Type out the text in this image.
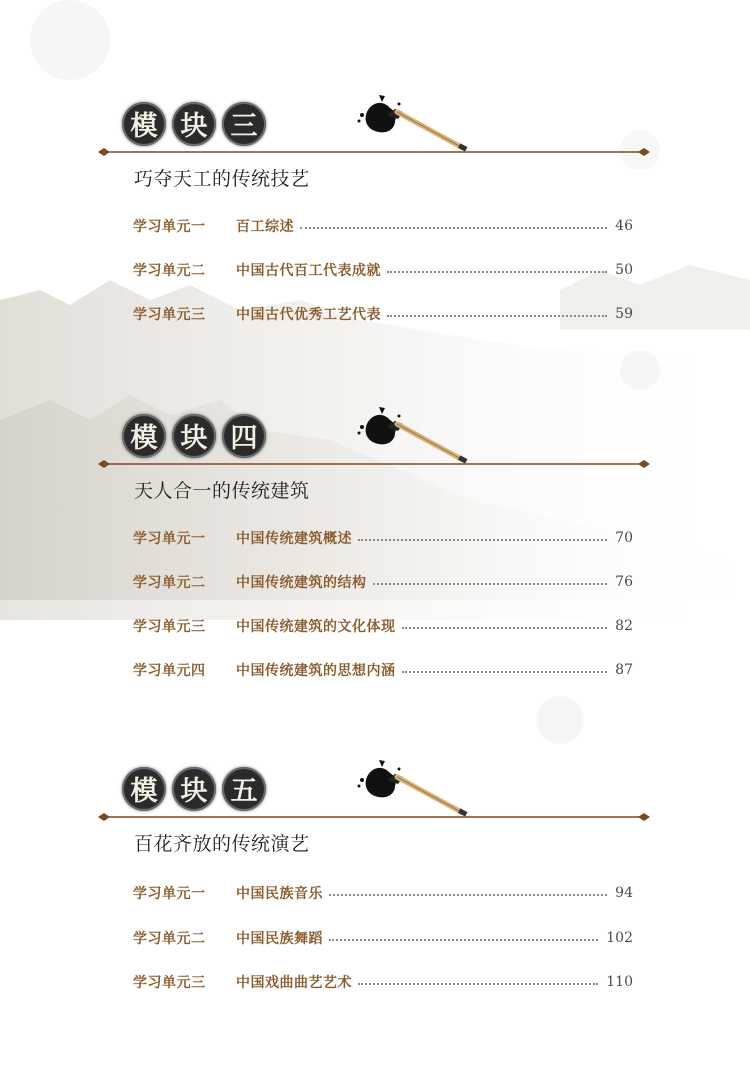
模 块 三
巧夺天工的传统技艺
学习单元一	百工综述	46
学习单元二	中国古代百工代表成就	50
学习单元三	中国古代优秀工艺代表	59
模 块 四
天人合一的传统建筑
学习单元一	中国传统建筑概述	70
学习单元二	中国传统建筑的结构	76
学习单元三	中国传统建筑的文化体现	82
学习单元四	中国传统建筑的思想内涵	87
模 块 五
百花齐放的传统演艺
学习单元一	中国民族音乐	94
学习单元二	中国民族舞蹈	102
学习单元三	中国戏曲曲艺艺术	110
